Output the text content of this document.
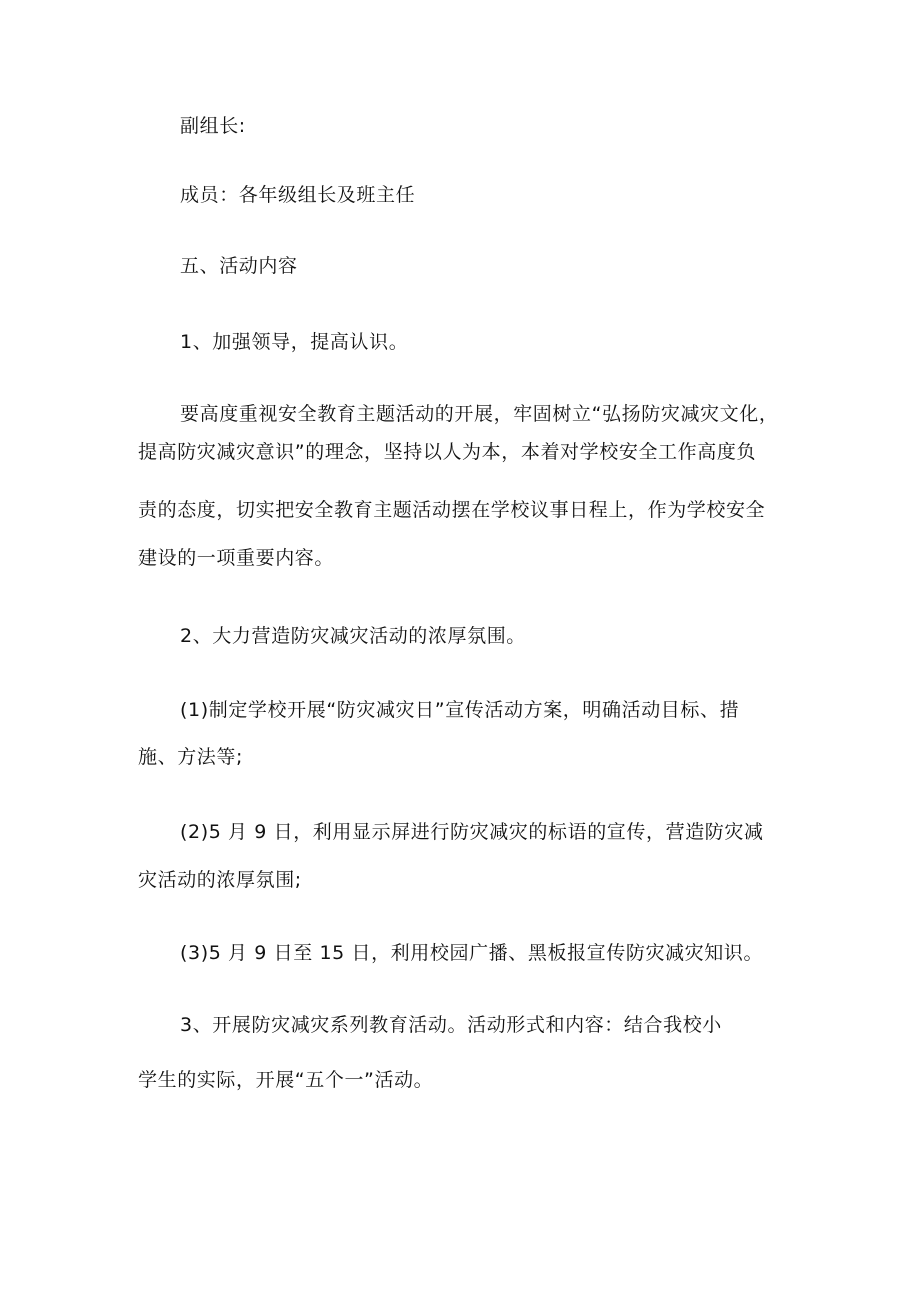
副组长:
成员：各年级组长及班主任
五、活动内容
1、加强领导，提高认识。
要高度重视安全教育主题活动的开展，牢固树立“弘扬防灾减灾文化，
提高防灾减灾意识”的理念，坚持以人为本，本着对学校安全工作高度负
责的态度，切实把安全教育主题活动摆在学校议事日程上，作为学校安全
建设的一项重要内容。
2、大力营造防灾减灾活动的浓厚氛围。
(1)制定学校开展“防灾减灾日”宣传活动方案，明确活动目标、措
施、方法等;
(2)5 月 9 日，利用显示屏进行防灾减灾的标语的宣传，营造防灾减
灾活动的浓厚氛围;
(3)5 月 9 日至 15 日，利用校园广播、黑板报宣传防灾减灾知识。
3、开展防灾减灾系列教育活动。活动形式和内容：结合我校小
学生的实际，开展“五个一”活动。
